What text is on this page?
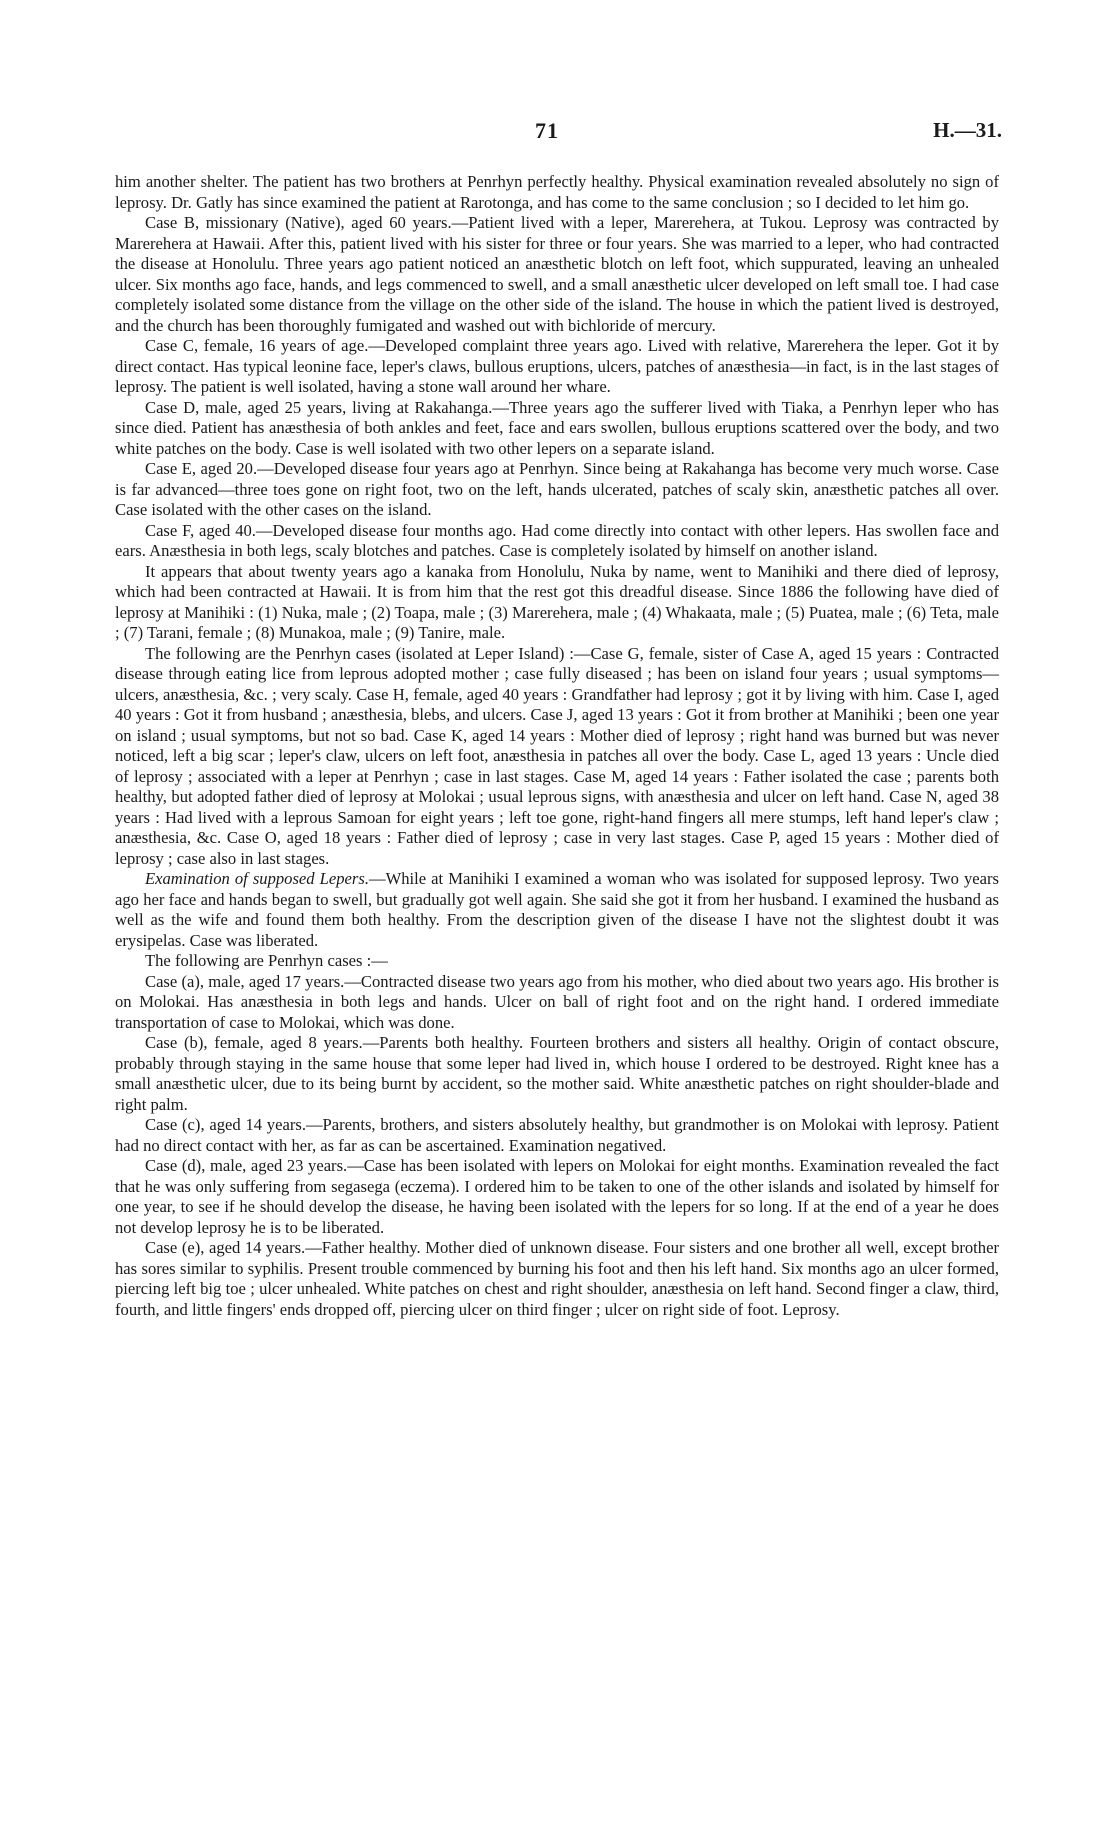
71	H.—31.

him another shelter. The patient has two brothers at Penrhyn perfectly healthy. Physical examination revealed absolutely no sign of leprosy. Dr. Gatly has since examined the patient at Rarotonga, and has come to the same conclusion ; so I decided to let him go.

Case B, missionary (Native), aged 60 years.—Patient lived with a leper, Marerehera, at Tukou. Leprosy was contracted by Marerehera at Hawaii. After this, patient lived with his sister for three or four years. She was married to a leper, who had contracted the disease at Honolulu. Three years ago patient noticed an anæsthetic blotch on left foot, which suppurated, leaving an unhealed ulcer. Six months ago face, hands, and legs commenced to swell, and a small anæsthetic ulcer developed on left small toe. I had case completely isolated some distance from the village on the other side of the island. The house in which the patient lived is destroyed, and the church has been thoroughly fumigated and washed out with bichloride of mercury.

Case C, female, 16 years of age.—Developed complaint three years ago. Lived with relative, Marerehera the leper. Got it by direct contact. Has typical leonine face, leper's claws, bullous eruptions, ulcers, patches of anæsthesia—in fact, is in the last stages of leprosy. The patient is well isolated, having a stone wall around her whare.

Case D, male, aged 25 years, living at Rakahanga.—Three years ago the sufferer lived with Tiaka, a Penrhyn leper who has since died. Patient has anæsthesia of both ankles and feet, face and ears swollen, bullous eruptions scattered over the body, and two white patches on the body. Case is well isolated with two other lepers on a separate island.

Case E, aged 20.—Developed disease four years ago at Penrhyn. Since being at Rakahanga has become very much worse. Case is far advanced—three toes gone on right foot, two on the left, hands ulcerated, patches of scaly skin, anæsthetic patches all over. Case isolated with the other cases on the island.

Case F, aged 40.—Developed disease four months ago. Had come directly into contact with other lepers. Has swollen face and ears. Anæsthesia in both legs, scaly blotches and patches. Case is completely isolated by himself on another island.

It appears that about twenty years ago a kanaka from Honolulu, Nuka by name, went to Manihiki and there died of leprosy, which had been contracted at Hawaii. It is from him that the rest got this dreadful disease. Since 1886 the following have died of leprosy at Manihiki : (1) Nuka, male ; (2) Toapa, male ; (3) Marerehera, male ; (4) Whakaata, male ; (5) Puatea, male ; (6) Teta, male ; (7) Tarani, female ; (8) Munakoa, male ; (9) Tanire, male.

The following are the Penrhyn cases (isolated at Leper Island) :—Case G, female, sister of Case A, aged 15 years : Contracted disease through eating lice from leprous adopted mother ; case fully diseased ; has been on island four years ; usual symptoms—ulcers, anæsthesia, &c. ; very scaly. Case H, female, aged 40 years : Grandfather had leprosy ; got it by living with him. Case I, aged 40 years : Got it from husband ; anæsthesia, blebs, and ulcers. Case J, aged 13 years : Got it from brother at Manihiki ; been one year on island ; usual symptoms, but not so bad. Case K, aged 14 years : Mother died of leprosy ; right hand was burned but was never noticed, left a big scar ; leper's claw, ulcers on left foot, anæsthesia in patches all over the body. Case L, aged 13 years : Uncle died of leprosy ; associated with a leper at Penrhyn ; case in last stages. Case M, aged 14 years : Father isolated the case ; parents both healthy, but adopted father died of leprosy at Molokai ; usual leprous signs, with anæsthesia and ulcer on left hand. Case N, aged 38 years : Had lived with a leprous Samoan for eight years ; left toe gone, right-hand fingers all mere stumps, left hand leper's claw ; anæsthesia, &c. Case O, aged 18 years : Father died of leprosy ; case in very last stages. Case P, aged 15 years : Mother died of leprosy ; case also in last stages.

Examination of supposed Lepers.—While at Manihiki I examined a woman who was isolated for supposed leprosy. Two years ago her face and hands began to swell, but gradually got well again. She said she got it from her husband. I examined the husband as well as the wife and found them both healthy. From the description given of the disease I have not the slightest doubt it was erysipelas. Case was liberated.

The following are Penrhyn cases :—

Case (a), male, aged 17 years.—Contracted disease two years ago from his mother, who died about two years ago. His brother is on Molokai. Has anæsthesia in both legs and hands. Ulcer on ball of right foot and on the right hand. I ordered immediate transportation of case to Molokai, which was done.

Case (b), female, aged 8 years.—Parents both healthy. Fourteen brothers and sisters all healthy. Origin of contact obscure, probably through staying in the same house that some leper had lived in, which house I ordered to be destroyed. Right knee has a small anæsthetic ulcer, due to its being burnt by accident, so the mother said. White anæsthetic patches on right shoulder-blade and right palm.

Case (c), aged 14 years.—Parents, brothers, and sisters absolutely healthy, but grandmother is on Molokai with leprosy. Patient had no direct contact with her, as far as can be ascertained. Examination negatived.

Case (d), male, aged 23 years.—Case has been isolated with lepers on Molokai for eight months. Examination revealed the fact that he was only suffering from segasega (eczema). I ordered him to be taken to one of the other islands and isolated by himself for one year, to see if he should develop the disease, he having been isolated with the lepers for so long. If at the end of a year he does not develop leprosy he is to be liberated.

Case (e), aged 14 years.—Father healthy. Mother died of unknown disease. Four sisters and one brother all well, except brother has sores similar to syphilis. Present trouble commenced by burning his foot and then his left hand. Six months ago an ulcer formed, piercing left big toe ; ulcer unhealed. White patches on chest and right shoulder, anæsthesia on left hand. Second finger a claw, third, fourth, and little fingers' ends dropped off, piercing ulcer on third finger ; ulcer on right side of foot. Leprosy.
